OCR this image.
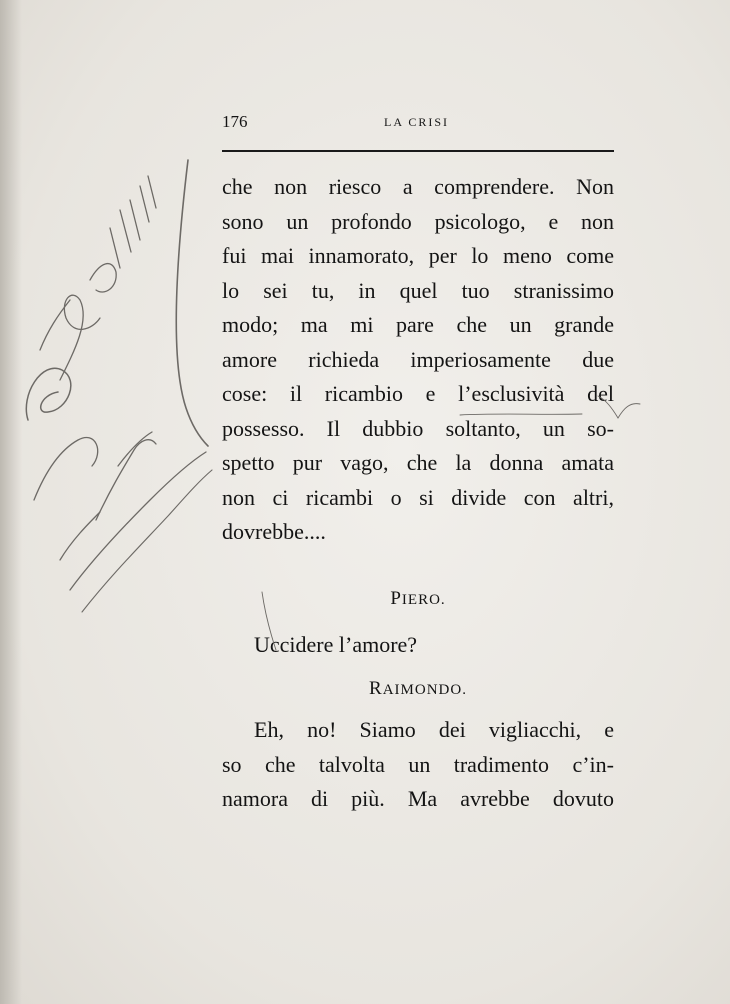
176	LA CRISI
che non riesco a comprendere. Non
sono un profondo psicologo, e non
fui mai innamorato, per lo meno come
lo sei tu, in quel tuo stranissimo
modo; ma mi pare che un grande
amore richieda imperiosamente due
cose: il ricambio e l’esclusività del
possesso. Il dubbio soltanto, un so-
spetto pur vago, che la donna amata
non ci ricambi o si divide con altri,
dovrebbe....
PIERO.
Uccidere l’amore?
RAIMONDO.
Eh, no! Siamo dei vigliacchi, e
so che talvolta un tradimento c’in-
namora di più. Ma avrebbe dovuto
